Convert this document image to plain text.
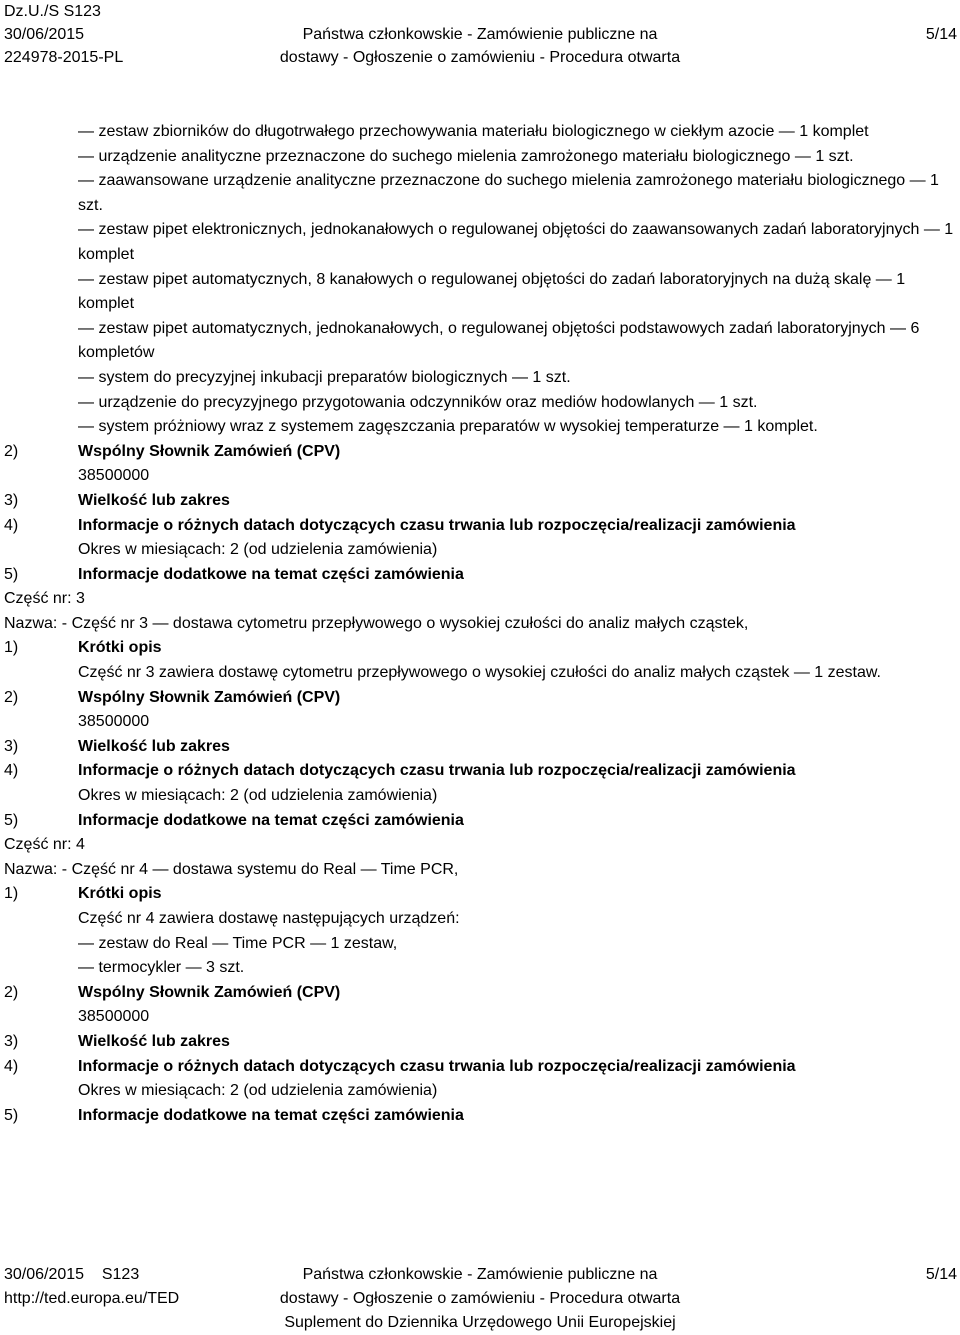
Dz.U./S S123
30/06/2015
224978-2015-PL
Państwa członkowskie - Zamówienie publiczne na
dostawy - Ogłoszenie o zamówieniu - Procedura otwarta
5/14
— zestaw zbiorników do długotrwałego przechowywania materiału biologicznego w ciekłym azocie — 1 komplet
— urządzenie analityczne przeznaczone do suchego mielenia zamrożonego materiału biologicznego — 1 szt.
— zaawansowane urządzenie analityczne przeznaczone do suchego mielenia zamrożonego materiału biologicznego — 1 szt.
— zestaw pipet elektronicznych, jednokanałowych o regulowanej objętości do zaawansowanych zadań laboratoryjnych — 1 komplet
— zestaw pipet automatycznych, 8 kanałowych o regulowanej objętości do zadań laboratoryjnych na dużą skalę — 1 komplet
— zestaw pipet automatycznych, jednokanałowych, o regulowanej objętości podstawowych zadań laboratoryjnych — 6 kompletów
— system do precyzyjnej inkubacji preparatów biologicznych — 1 szt.
— urządzenie do precyzyjnego przygotowania odczynników oraz mediów hodowlanych — 1 szt.
— system próżniowy wraz z systemem zagęszczania preparatów w wysokiej temperaturze — 1 komplet.
2)	Wspólny Słownik Zamówień (CPV)
38500000
3)	Wielkość lub zakres
4)	Informacje o różnych datach dotyczących czasu trwania lub rozpoczęcia/realizacji zamówienia
Okres w miesiącach: 2 (od udzielenia zamówienia)
5)	Informacje dodatkowe na temat części zamówienia
Część nr: 3
Nazwa: - Część nr 3 — dostawa cytometru przepływowego o wysokiej czułości do analiz małych cząstek,
1)	Krótki opis
Część nr 3 zawiera dostawę cytometru przepływowego o wysokiej czułości do analiz małych cząstek — 1 zestaw.
2)	Wspólny Słownik Zamówień (CPV)
38500000
3)	Wielkość lub zakres
4)	Informacje o różnych datach dotyczących czasu trwania lub rozpoczęcia/realizacji zamówienia
Okres w miesiącach: 2 (od udzielenia zamówienia)
5)	Informacje dodatkowe na temat części zamówienia
Część nr: 4
Nazwa: - Część nr 4 — dostawa systemu do Real — Time PCR,
1)	Krótki opis
Część nr 4 zawiera dostawę następujących urządzeń:
— zestaw do Real — Time PCR — 1 zestaw,
— termocykler — 3 szt.
2)	Wspólny Słownik Zamówień (CPV)
38500000
3)	Wielkość lub zakres
4)	Informacje o różnych datach dotyczących czasu trwania lub rozpoczęcia/realizacji zamówienia
Okres w miesiącach: 2 (od udzielenia zamówienia)
5)	Informacje dodatkowe na temat części zamówienia
30/06/2015    S123
http://ted.europa.eu/TED
Państwa członkowskie - Zamówienie publiczne na
dostawy - Ogłoszenie o zamówieniu - Procedura otwarta
Suplement do Dziennika Urzędowego Unii Europejskiej
5/14
